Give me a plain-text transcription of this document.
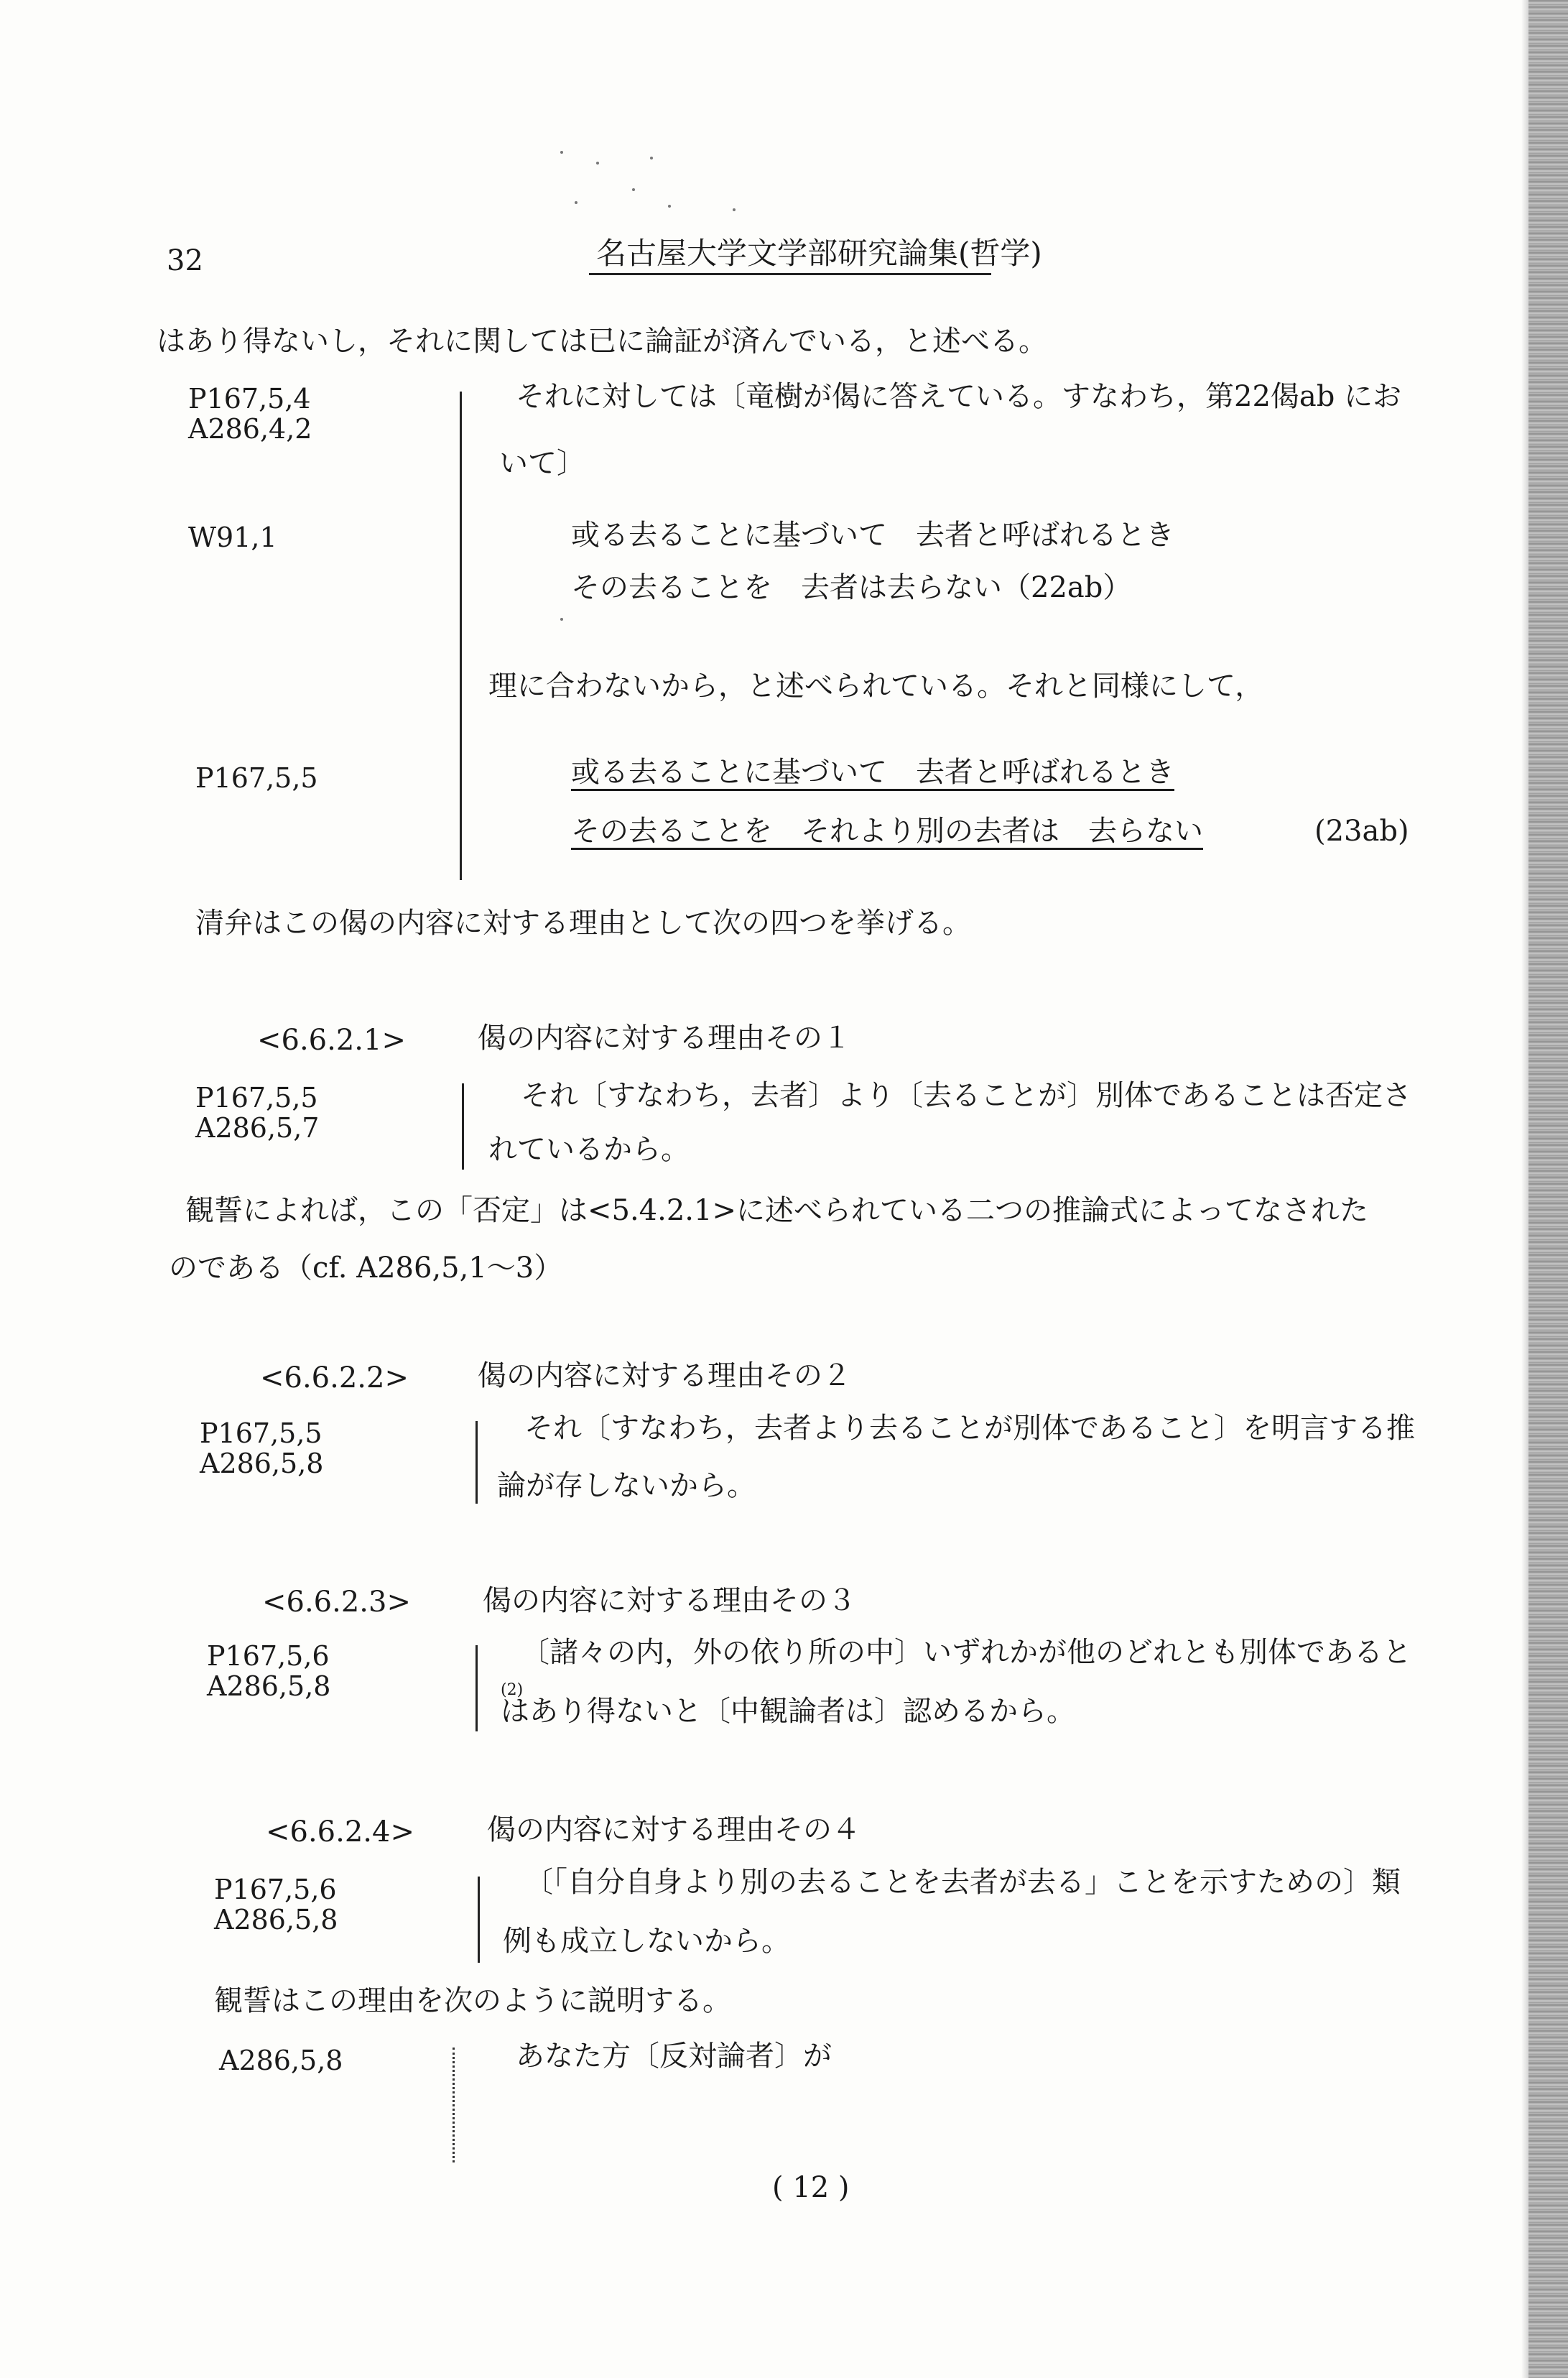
32	名古屋大学文学部研究論集(哲学)
はあり得ないし，それに関しては已に論証が済んでいる，と述べる。
P167,5,4
A286,4,2
それに対しては〔竜樹が偈に答えている。すなわち，第22偈ab にお
いて〕
W91,1	或る去ることに基づいて　去者と呼ばれるとき
その去ることを　去者は去らない（22ab）
理に合わないから，と述べられている。それと同様にして，
P167,5,5	或る去ることに基づいて　去者と呼ばれるとき
その去ることを　それより別の去者は　去らない	(23ab)
清弁はこの偈の内容に対する理由として次の四つを挙げる。
<6.6.2.1>	偈の内容に対する理由その１
P167,5,5
A286,5,7
それ〔すなわち，去者〕より〔去ることが〕別体であることは否定さ
れているから。
観誓によれば，この「否定」は<5.4.2.1>に述べられている二つの推論式によってなされた
のである（cf. A286,5,1〜3）
<6.6.2.2> 偈の内容に対する理由その２
P167,5,5
A286,5,8
それ〔すなわち，去者より去ることが別体であること〕を明言する推
論が存しないから。
<6.6.2.3>	偈の内容に対する理由その３
P167,5,6
A286,5,8
〔諸々の内，外の依り所の中〕いずれかが他のどれとも別体であると
(2)
はあり得ないと〔中観論者は〕認めるから。
<6.6.2.4>	偈の内容に対する理由その４
P167,5,6
A286,5,8
〔「自分自身より別の去ることを去者が去る」ことを示すための〕類
例も成立しないから。
観誓はこの理由を次のように説明する。
A286,5,8	あなた方〔反対論者〕が
( 12 )
